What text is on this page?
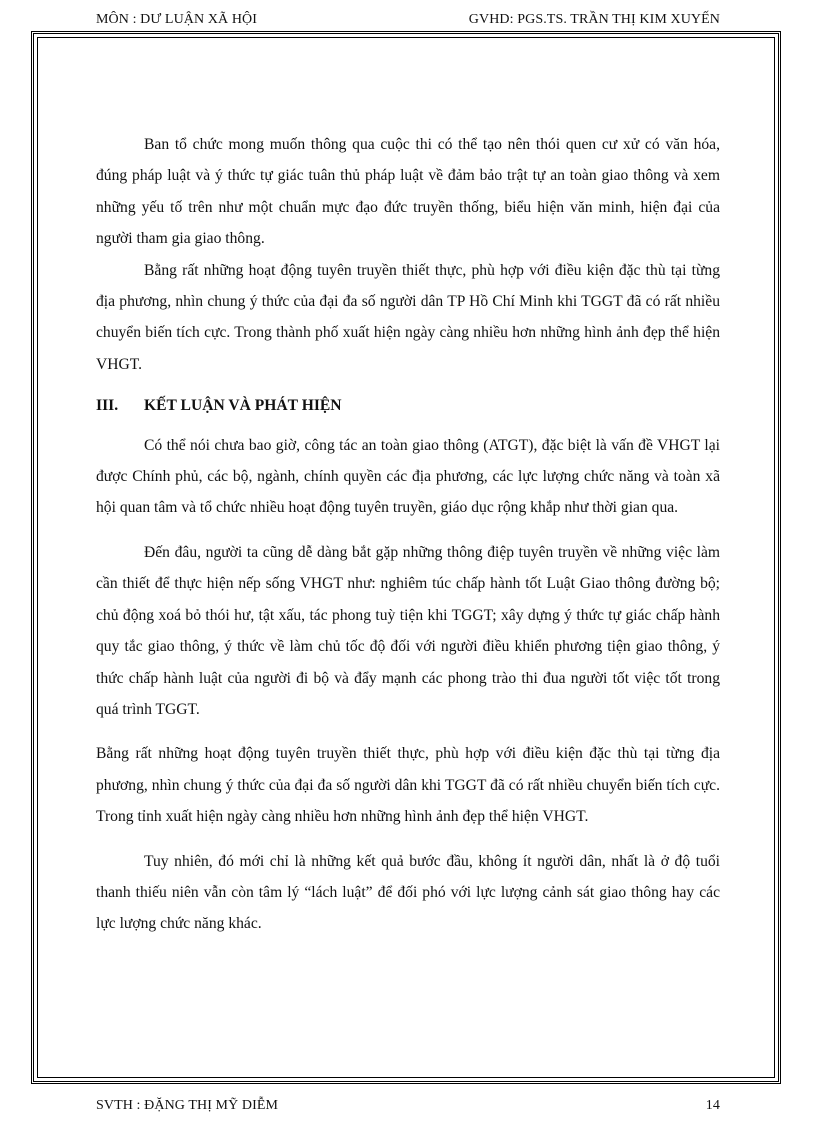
MÔN : DƯ LUẬN XÃ HỘI	GVHD: PGS.TS. TRẦN THỊ KIM XUYẾN

Ban tổ chức mong muốn thông qua cuộc thi có thể tạo nên thói quen cư xử có văn hóa, đúng pháp luật và ý thức tự giác tuân thủ pháp luật về đảm bảo trật tự an toàn giao thông và xem những yếu tố trên như một chuẩn mực đạo đức truyền thống, biểu hiện văn minh, hiện đại của người tham gia giao thông.

Bằng rất những hoạt động tuyên truyền thiết thực, phù hợp với điều kiện đặc thù tại từng địa phương, nhìn chung ý thức của đại đa số người dân TP Hồ Chí Minh khi TGGT đã có rất nhiều chuyển biến tích cực. Trong thành phố xuất hiện ngày càng nhiều hơn những hình ảnh đẹp thể hiện VHGT.

III.	KẾT LUẬN VÀ PHÁT HIỆN

Có thể nói chưa bao giờ, công tác an toàn giao thông (ATGT), đặc biệt là vấn đề VHGT lại được Chính phủ, các bộ, ngành, chính quyền các địa phương, các lực lượng chức năng và toàn xã hội quan tâm và tổ chức nhiều hoạt động tuyên truyền, giáo dục rộng khắp như thời gian qua.

Đến đâu, người ta cũng dễ dàng bắt gặp những thông điệp tuyên truyền về những việc làm cần thiết để thực hiện nếp sống VHGT như: nghiêm túc chấp hành tốt Luật Giao thông đường bộ; chủ động xoá bỏ thói hư, tật xấu, tác phong tuỳ tiện khi TGGT; xây dựng ý thức tự giác chấp hành quy tắc giao thông, ý thức về làm chủ tốc độ đối với người điều khiển phương tiện giao thông, ý thức chấp hành luật của người đi bộ và đẩy mạnh các phong trào thi đua người tốt việc tốt trong quá trình TGGT.

Bằng rất những hoạt động tuyên truyền thiết thực, phù hợp với điều kiện đặc thù tại từng địa phương, nhìn chung ý thức của đại đa số người dân khi TGGT đã có rất nhiều chuyển biến tích cực. Trong tỉnh xuất hiện ngày càng nhiều hơn những hình ảnh đẹp thể hiện VHGT.

Tuy nhiên, đó mới chỉ là những kết quả bước đầu, không ít người dân, nhất là ở độ tuổi thanh thiếu niên vẫn còn tâm lý “lách luật” để đối phó với lực lượng cảnh sát giao thông hay các lực lượng chức năng khác.

SVTH : ĐẶNG THỊ MỸ DIỄM	14
